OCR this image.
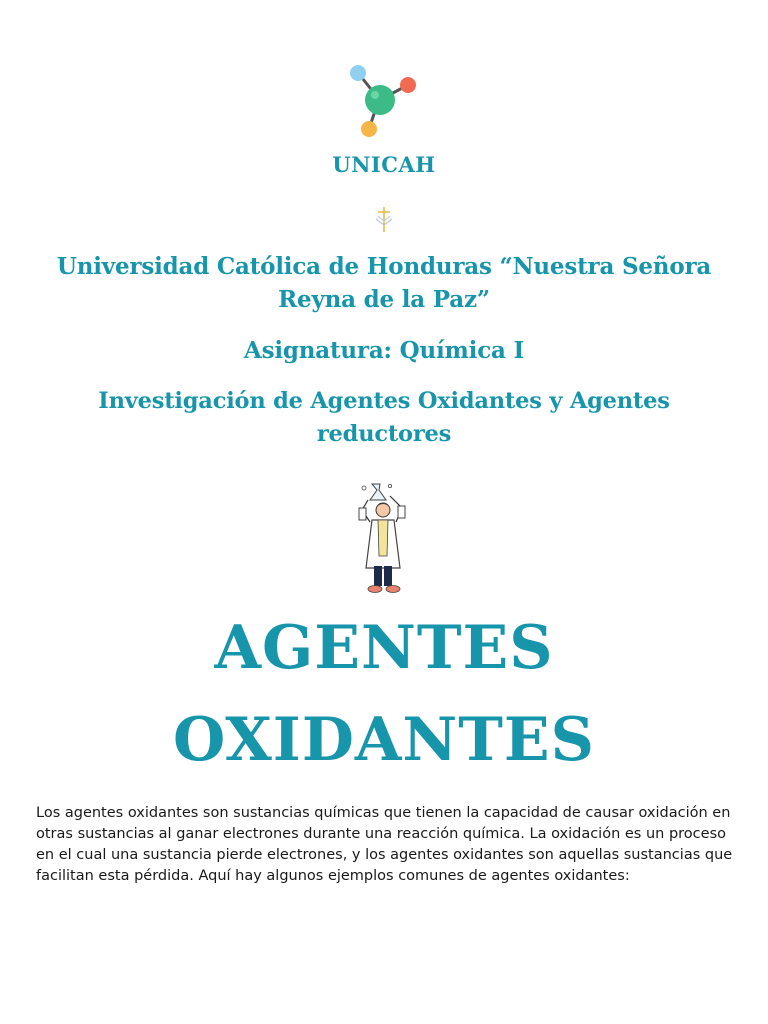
UNICAH
Universidad Católica de Honduras “Nuestra Señora Reyna de la Paz”
Asignatura: Química I
Investigación de Agentes Oxidantes y Agentes reductores
AGENTES
OXIDANTES

Los agentes oxidantes son sustancias químicas que tienen la capacidad de causar oxidación en otras sustancias al ganar electrones durante una reacción química. La oxidación es un proceso en el cual una sustancia pierde electrones, y los agentes oxidantes son aquellas sustancias que facilitan esta pérdida. Aquí hay algunos ejemplos comunes de agentes oxidantes:
